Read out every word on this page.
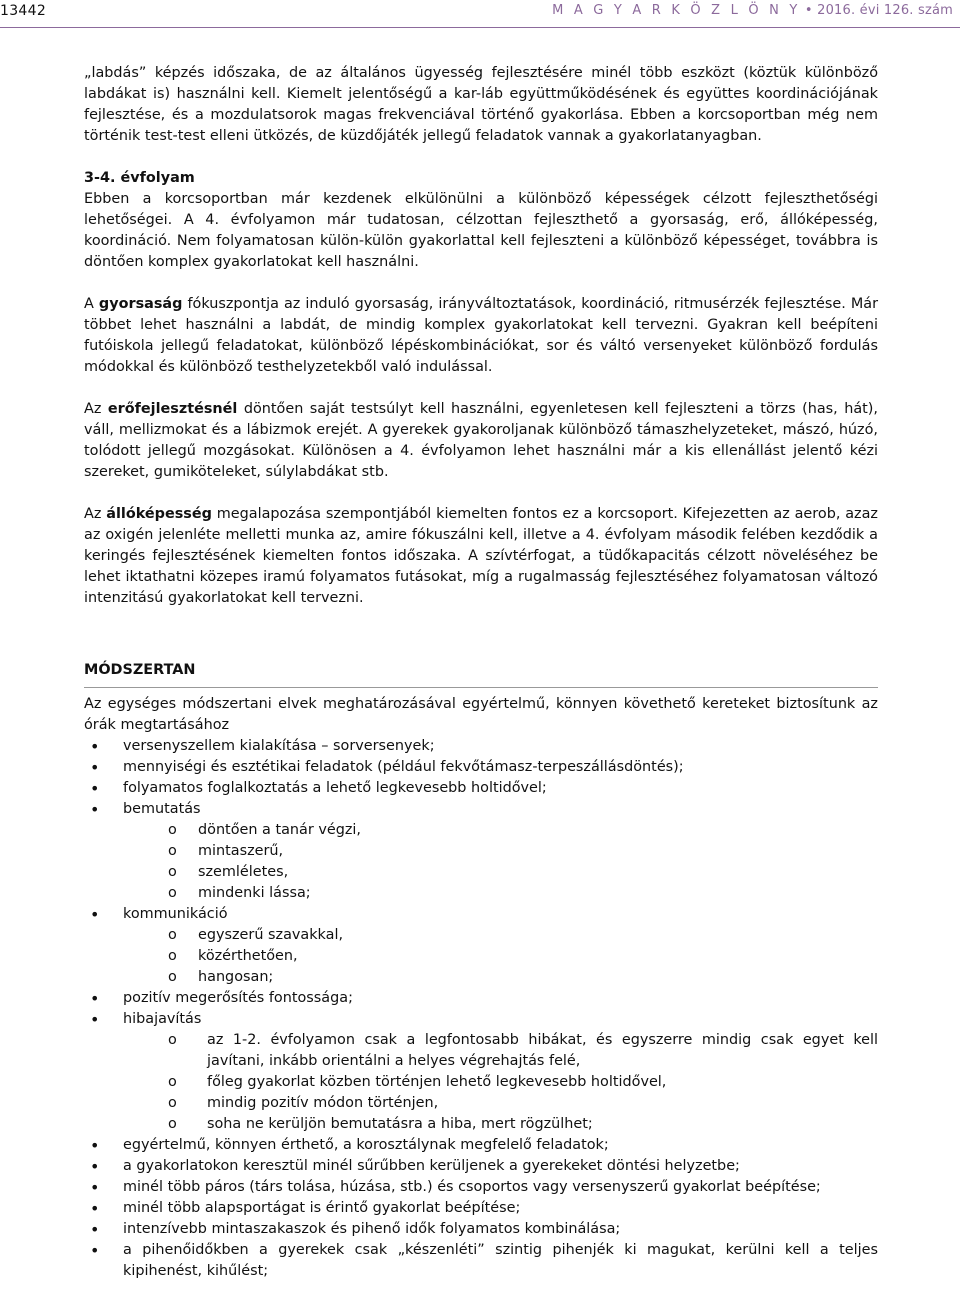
13442	M A G Y A R K Ö Z L Ö N Y • 2016. évi 126. szám

„labdás” képzés időszaka, de az általános ügyesség fejlesztésére minél több eszközt (köztük különböző labdákat is) használni kell. Kiemelt jelentőségű a kar-láb együttműködésének és együttes koordinációjának fejlesztése, és a mozdulatsorok magas frekvenciával történő gyakorlása. Ebben a korcsoportban még nem történik test-test elleni ütközés, de küzdőjáték jellegű feladatok vannak a gyakorlatanyagban.

3-4. évfolyam

Ebben a korcsoportban már kezdenek elkülönülni a különböző képességek célzott fejleszthetőségi lehetőségei. A 4. évfolyamon már tudatosan, célzottan fejleszthető a gyorsaság, erő, állóképesség, koordináció. Nem folyamatosan külön-külön gyakorlattal kell fejleszteni a különböző képességet, továbbra is döntően komplex gyakorlatokat kell használni.

A gyorsaság fókuszpontja az induló gyorsaság, irányváltoztatások, koordináció, ritmusérzék fejlesztése. Már többet lehet használni a labdát, de mindig komplex gyakorlatokat kell tervezni. Gyakran kell beépíteni futóiskola jellegű feladatokat, különböző lépéskombinációkat, sor és váltó versenyeket különböző fordulás módokkal és különböző testhelyzetekből való indulással.

Az erőfejlesztésnél döntően saját testsúlyt kell használni, egyenletesen kell fejleszteni a törzs (has, hát), váll, mellizmokat és a lábizmok erejét. A gyerekek gyakoroljanak különböző támaszhelyzeteket, mászó, húzó, tolódott jellegű mozgásokat. Különösen a 4. évfolyamon lehet használni már a kis ellenállást jelentő kézi szereket, gumiköteleket, súlylabdákat stb.

Az állóképesség megalapozása szempontjából kiemelten fontos ez a korcsoport. Kifejezetten az aerob, azaz az oxigén jelenléte melletti munka az, amire fókuszálni kell, illetve a 4. évfolyam második felében kezdődik a keringés fejlesztésének kiemelten fontos időszaka. A szívtérfogat, a tüdőkapacitás célzott növeléséhez be lehet iktathatni közepes iramú folyamatos futásokat, míg a rugalmasság fejlesztéséhez folyamatosan változó intenzitású gyakorlatokat kell tervezni.

MÓDSZERTAN

Az egységes módszertani elvek meghatározásával egyértelmű, könnyen követhető kereteket biztosítunk az órák megtartásához

• versenyszellem kialakítása – sorversenyek;
• mennyiségi és esztétikai feladatok (például fekvőtámasz-terpeszállásdöntés);
• folyamatos foglalkoztatás a lehető legkevesebb holtidővel;
• bemutatás
o döntően a tanár végzi,
o mintaszerű,
o szemléletes,
o mindenki lássa;
• kommunikáció
o egyszerű szavakkal,
o közérthetően,
o hangosan;
• pozitív megerősítés fontossága;
• hibajavítás
o az 1-2. évfolyamon csak a legfontosabb hibákat, és egyszerre mindig csak egyet kell javítani, inkább orientálni a helyes végrehajtás felé,
o főleg gyakorlat közben történjen lehető legkevesebb holtidővel,
o mindig pozitív módon történjen,
o soha ne kerüljön bemutatásra a hiba, mert rögzülhet;
• egyértelmű, könnyen érthető, a korosztálynak megfelelő feladatok;
• a gyakorlatokon keresztül minél sűrűbben kerüljenek a gyerekeket döntési helyzetbe;
• minél több páros (társ tolása, húzása, stb.) és csoportos vagy versenyszerű gyakorlat beépítése;
• minél több alapsportágat is érintő gyakorlat beépítése;
• intenzívebb mintaszakaszok és pihenő idők folyamatos kombinálása;
• a pihenőidőkben a gyerekek csak „készenléti” szintig pihenjék ki magukat, kerülni kell a teljes kipihenést, kihűlést;
